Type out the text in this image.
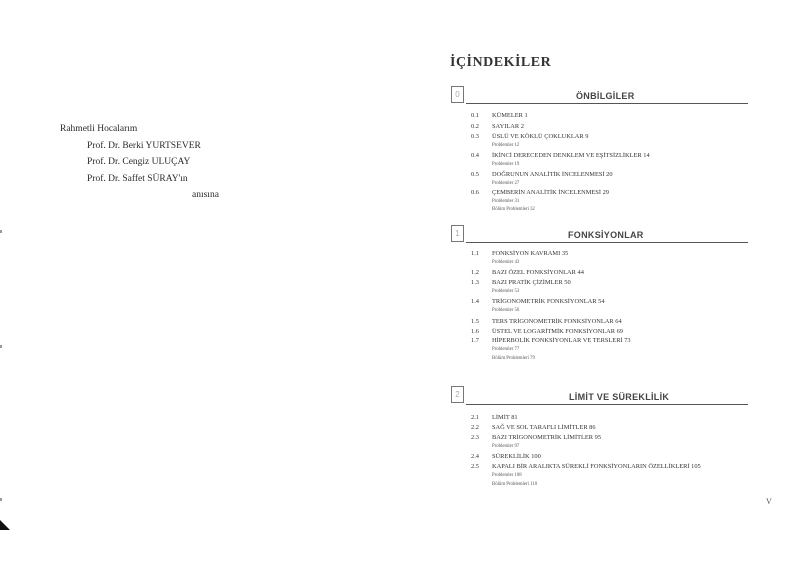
Rahmetli Hocalarım
Prof. Dr. Berki YURTSEVER
Prof. Dr. Cengiz ULUÇAY
Prof. Dr. Saffet SÜRAY'ın
anısına
İÇİNDEKİLER
0	ÖNBİLGİLER
0.1 KÜMELER 1
0.2 SAYILAR 2
0.3 ÜSLÜ VE KÖKLÜ ÇOKLUKLAR 9
Problemler 12
0.4 İKİNCİ DERECEDEN DENKLEM VE EŞİTSİZLİKLER 14
Problemler 19
0.5 DOĞRUNUN ANALİTİK İNCELENMESİ 20
Problemler 27
0.6 ÇEMBERİN ANALİTİK İNCELENMESİ 29
Problemler 31
Bölüm Problemleri 32
1	FONKSİYONLAR
1.1 FONKSİYON KAVRAMI 35
Problemler 43
1.2 BAZI ÖZEL FONKSİYONLAR 44
1.3 BAZI PRATİK ÇİZİMLER 50
Problemler 53
1.4 TRİGONOMETRİK FONKSİYONLAR 54
Problemler 56
1.5 TERS TRİGONOMETRİK FONKSİYONLAR 64
1.6 ÜSTEL VE LOGARİTMİK FONKSİYONLAR 69
1.7 HİPERBOLİK FONKSİYONLAR VE TERSLERİ 73
Problemler 77
Bölüm Problemleri 79
2	LİMİT VE SÜREKLİLİK
2.1 LİMİT 81
2.2 SAĞ VE SOL TARAFLI LİMİTLER 86
2.3 BAZI TRİGONOMETRİK LİMİTLER 95
Problemler 97
2.4 SÜREKLİLİK 100
2.5 KAPALI BİR ARALIKTA SÜREKLİ FONKSİYONLARIN ÖZELLİKLERİ 105
Problemler 108
Bölüm Problemleri 110
V
